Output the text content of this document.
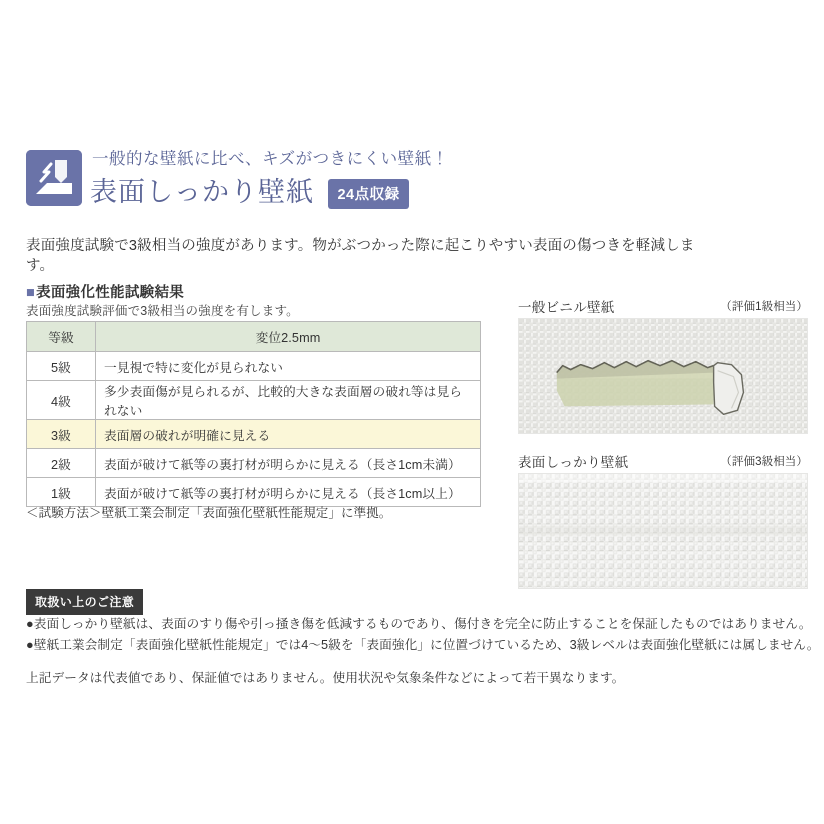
一般的な壁紙に比べ、キズがつきにくい壁紙！
表面しっかり壁紙 24点収録
表面強度試験で3級相当の強度があります。物がぶつかった際に起こりやすい表面の傷つきを軽減します。
■表面強化性能試験結果
表面強度試験評価で3級相当の強度を有します。
等級	変位2.5mm
5級	一見視で特に変化が見られない
4級	多少表面傷が見られるが、比較的大きな表面層の破れ等は見られない
3級	表面層の破れが明確に見える
2級	表面が破けて紙等の裏打材が明らかに見える（長さ1cm未満）
1級	表面が破けて紙等の裏打材が明らかに見える（長さ1cm以上）
＜試験方法＞壁紙工業会制定「表面強化壁紙性能規定」に準拠。
一般ビニル壁紙	（評価1級相当）
表面しっかり壁紙	（評価3級相当）
取扱い上のご注意
●表面しっかり壁紙は、表面のすり傷や引っ掻き傷を低減するものであり、傷付きを完全に防止することを保証したものではありません。
●壁紙工業会制定「表面強化壁紙性能規定」では4〜5級を「表面強化」に位置づけているため、3級レベルは表面強化壁紙には属しません。
上記データは代表値であり、保証値ではありません。使用状況や気象条件などによって若干異なります。
